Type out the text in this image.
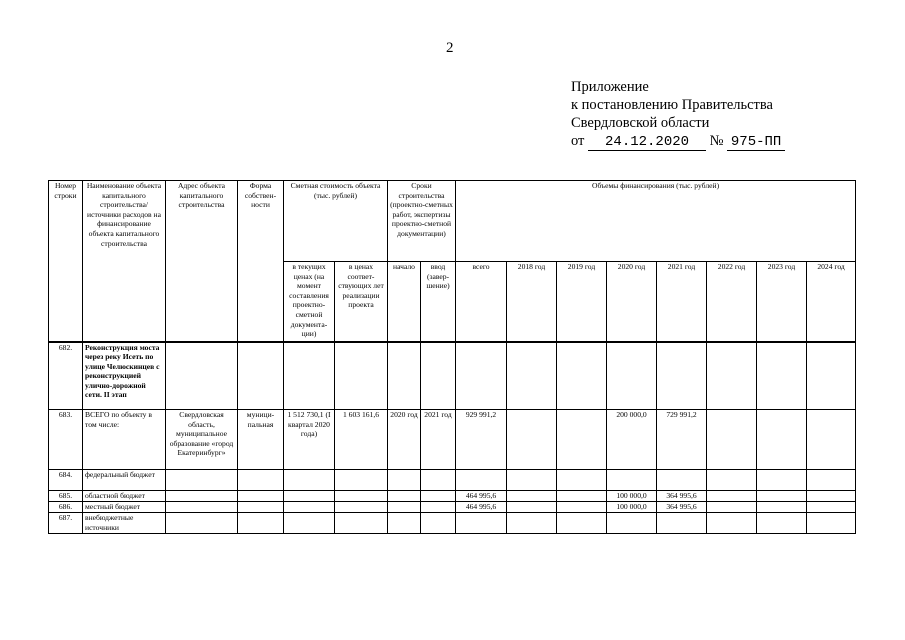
2
Приложение
к постановлению Правительства
Свердловской области
от 24.12.2020 № 975-ПП
Номер строки	Наименование объекта капитального строительства/ источники расходов на финансирование объекта капитального строительства	Адрес объекта капитального строительства	Форма собствен-ности	Сметная стоимость объекта (тыс. рублей)		Сроки строительства (проектно-сметных работ, экспертизы проектно-сметной документации)		Объемы финансирования (тыс. рублей)							
				в текущих ценах (на момент составления проектно-сметной документа-ции)	в ценах соответ-ствующих лет реализации проекта	начало	ввод (завер-шение)	всего	2018 год	2019 год	2020 год	2021 год	2022 год	2023 год	2024 год
682.	Реконструкция моста через реку Исеть по улице Челюскинцев с реконструкцией улично-дорожной сети. II этап														
683.	ВСЕГО по объекту в том числе:	Свердловская область, муниципальное образование «город Екатеринбург»	муници-пальная	1 512 730,1 (I квартал 2020 года)	1 603 161,6	2020 год	2021 год	929 991,2			200 000,0	729 991,2			
684.	федеральный бюджет														
685.	областной бюджет							464 995,6			100 000,0	364 995,6			
686.	местный бюджет							464 995,6			100 000,0	364 995,6			
687.	внебюджетные источники														
